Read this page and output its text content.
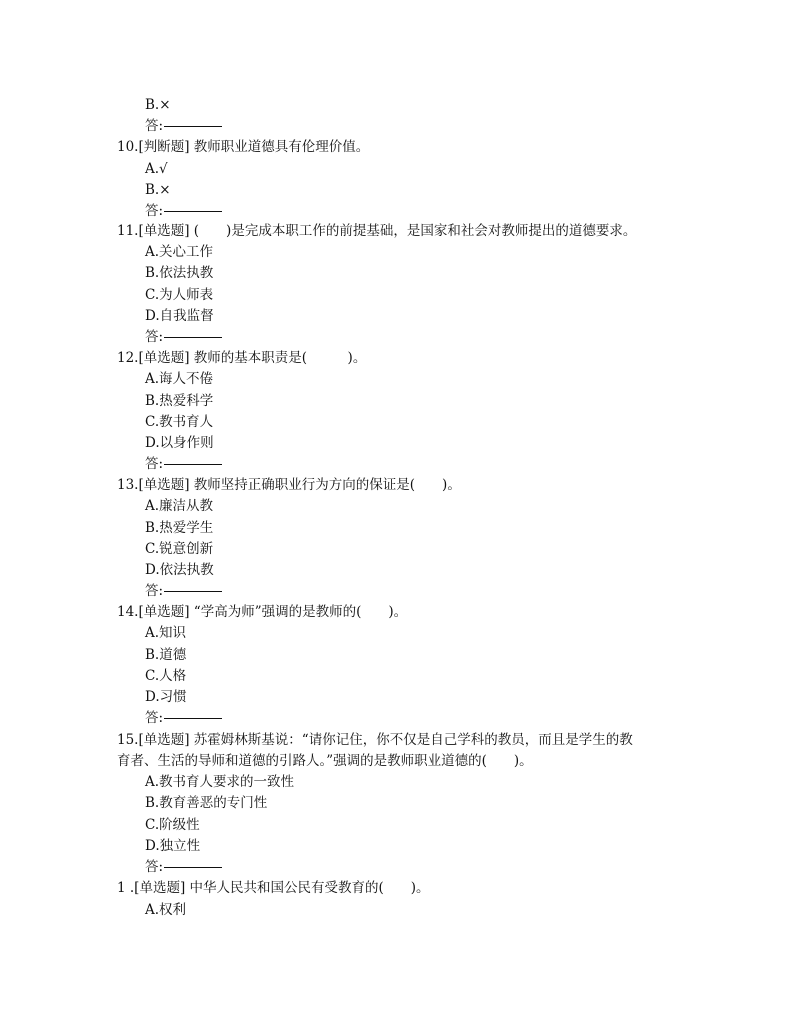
B.×
答:
10.[判断题] 教师职业道德具有伦理价值。
A.√
B.×
答:
11.[单选题] (　　)是完成本职工作的前提基础，是国家和社会对教师提出的道德要求。
A.关心工作
B.依法执教
C.为人师表
D.自我监督
答:
12.[单选题] 教师的基本职责是(　　　)。
A.诲人不倦
B.热爱科学
C.教书育人
D.以身作则
答:
13.[单选题] 教师坚持正确职业行为方向的保证是(　　)。
A.廉洁从教
B.热爱学生
C.锐意创新
D.依法执教
答:
14.[单选题] “学高为师”强调的是教师的(　　)。
A.知识
B.道德
C.人格
D.习惯
答:
15.[单选题] 苏霍姆林斯基说：“请你记住，你不仅是自己学科的教员，而且是学生的教
育者、生活的导师和道德的引路人。”强调的是教师职业道德的(　　)。
A.教书育人要求的一致性
B.教育善恶的专门性
C.阶级性
D.独立性
答:
1 .[单选题] 中华人民共和国公民有受教育的(　　)。
A.权利
